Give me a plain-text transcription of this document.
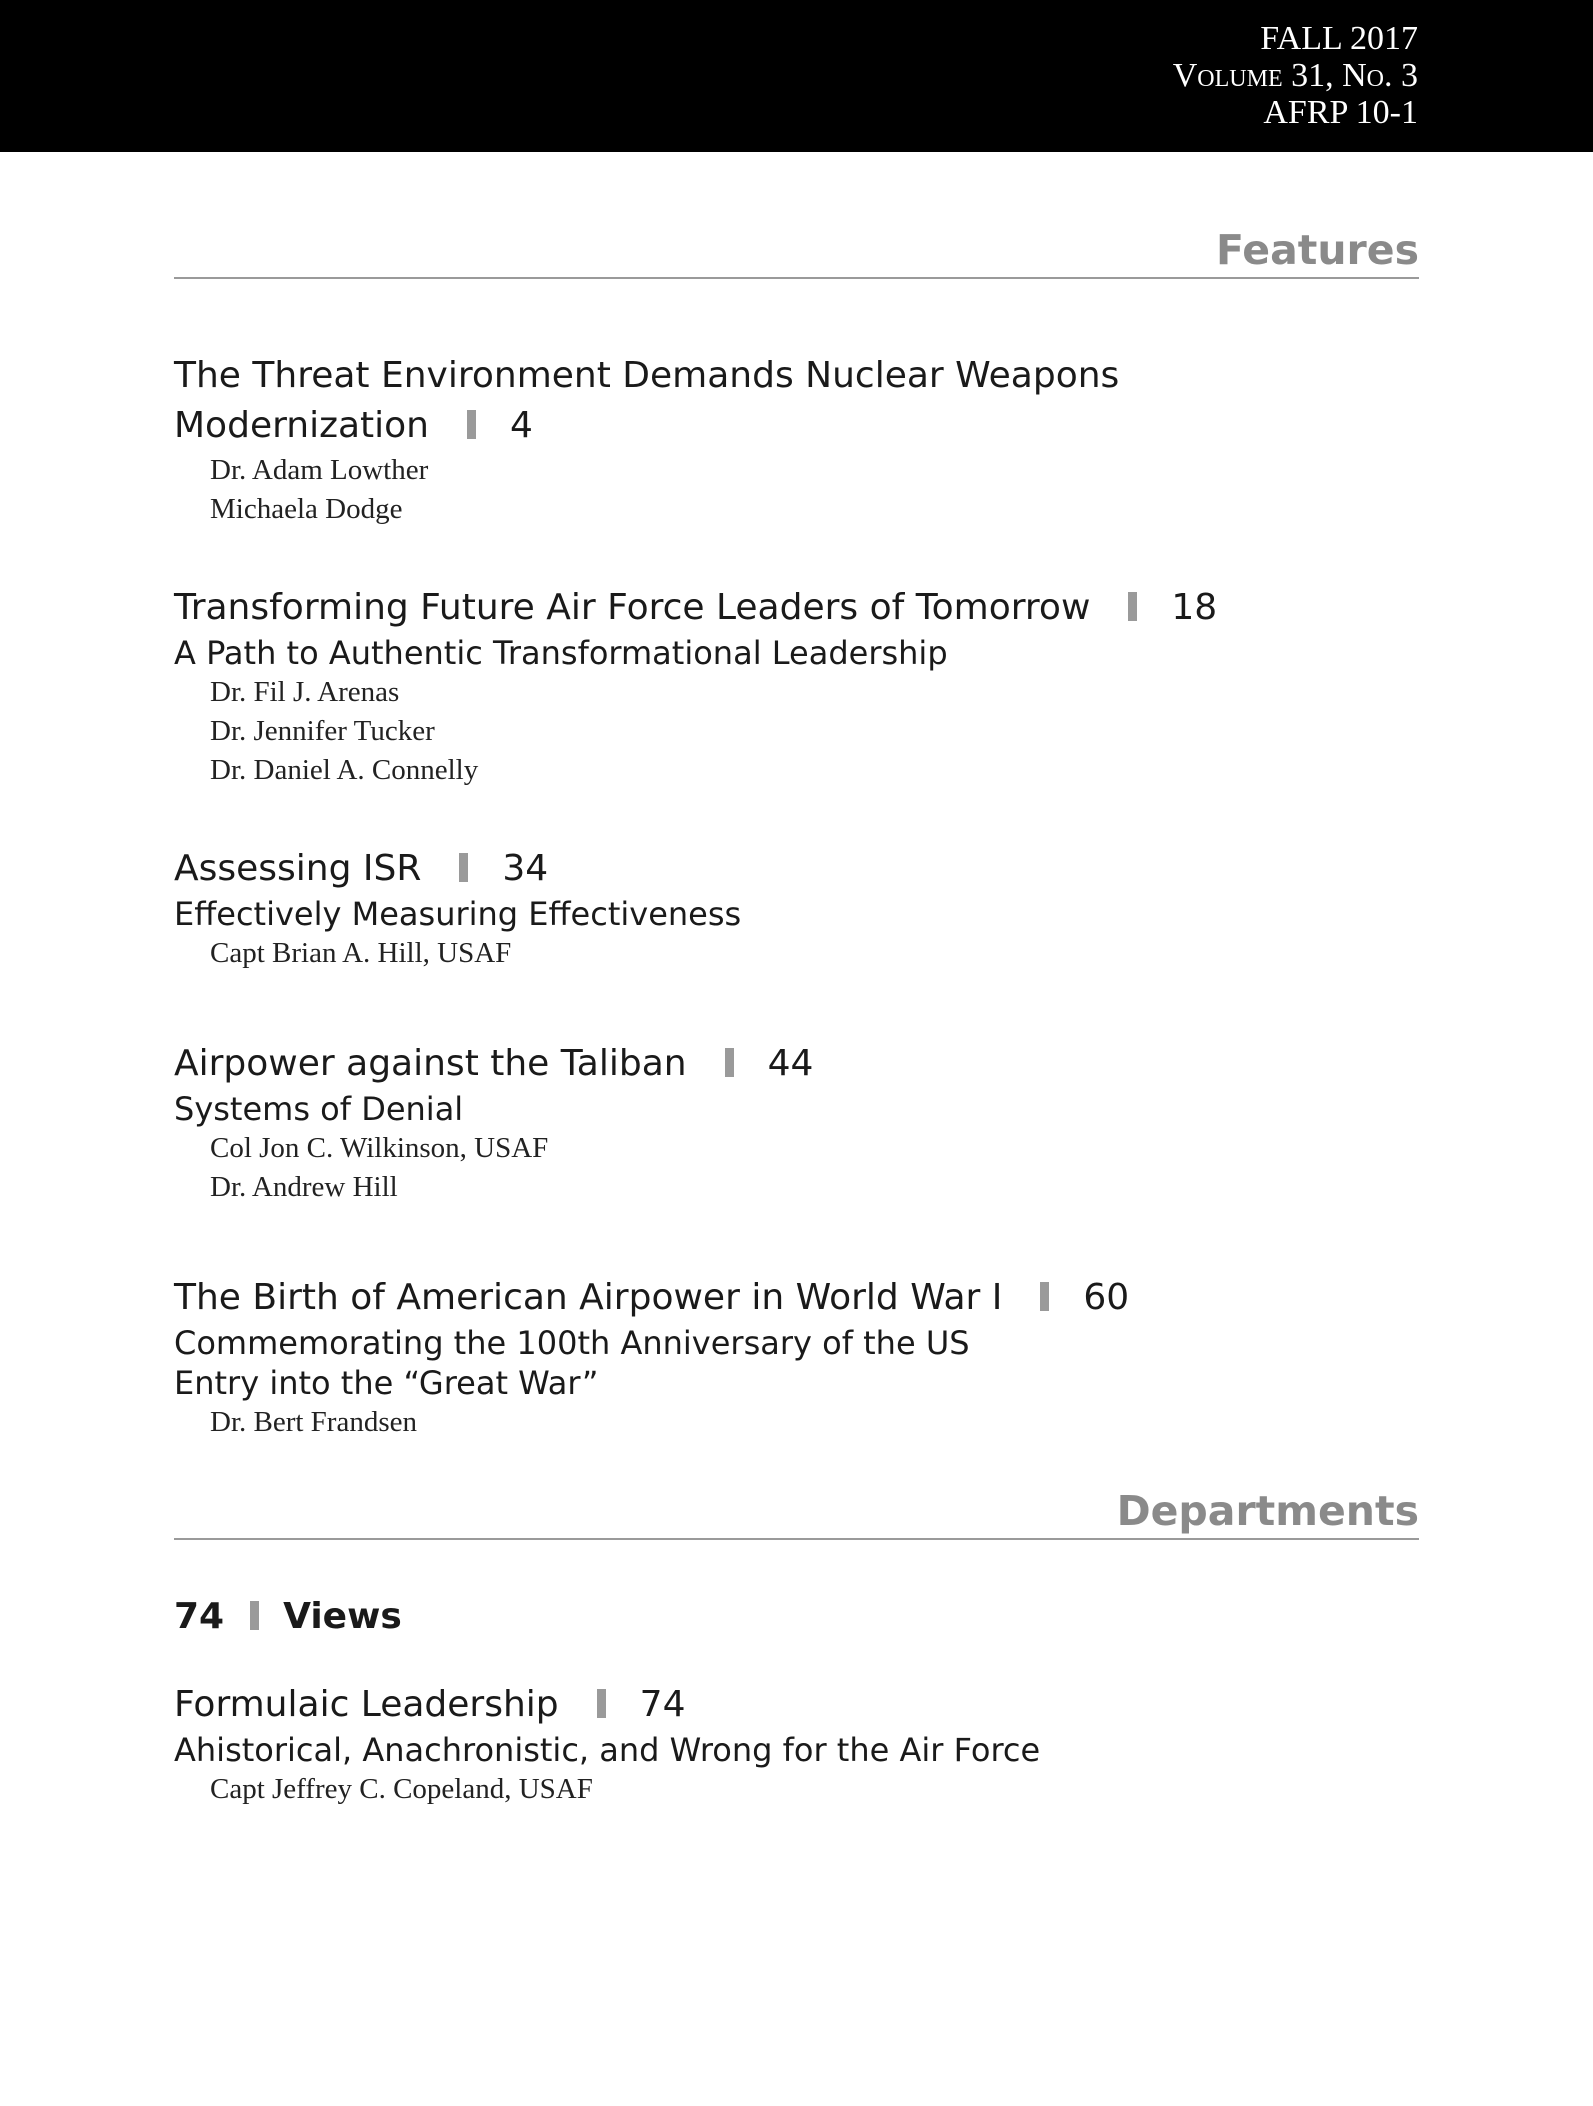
FALL 2017
Volume 31, No. 3
AFRP 10-1
Features
The Threat Environment Demands Nuclear Weapons
Modernization 4
Dr. Adam Lowther
Michaela Dodge
Transforming Future Air Force Leaders of Tomorrow 18
A Path to Authentic Transformational Leadership
Dr. Fil J. Arenas
Dr. Jennifer Tucker
Dr. Daniel A. Connelly
Assessing ISR 34
Effectively Measuring Effectiveness
Capt Brian A. Hill, USAF
Airpower against the Taliban 44
Systems of Denial
Col Jon C. Wilkinson, USAF
Dr. Andrew Hill
The Birth of American Airpower in World War I 60
Commemorating the 100th Anniversary of the US
Entry into the “Great War”
Dr. Bert Frandsen
Departments
74 Views
Formulaic Leadership 74
Ahistorical, Anachronistic, and Wrong for the Air Force
Capt Jeffrey C. Copeland, USAF
